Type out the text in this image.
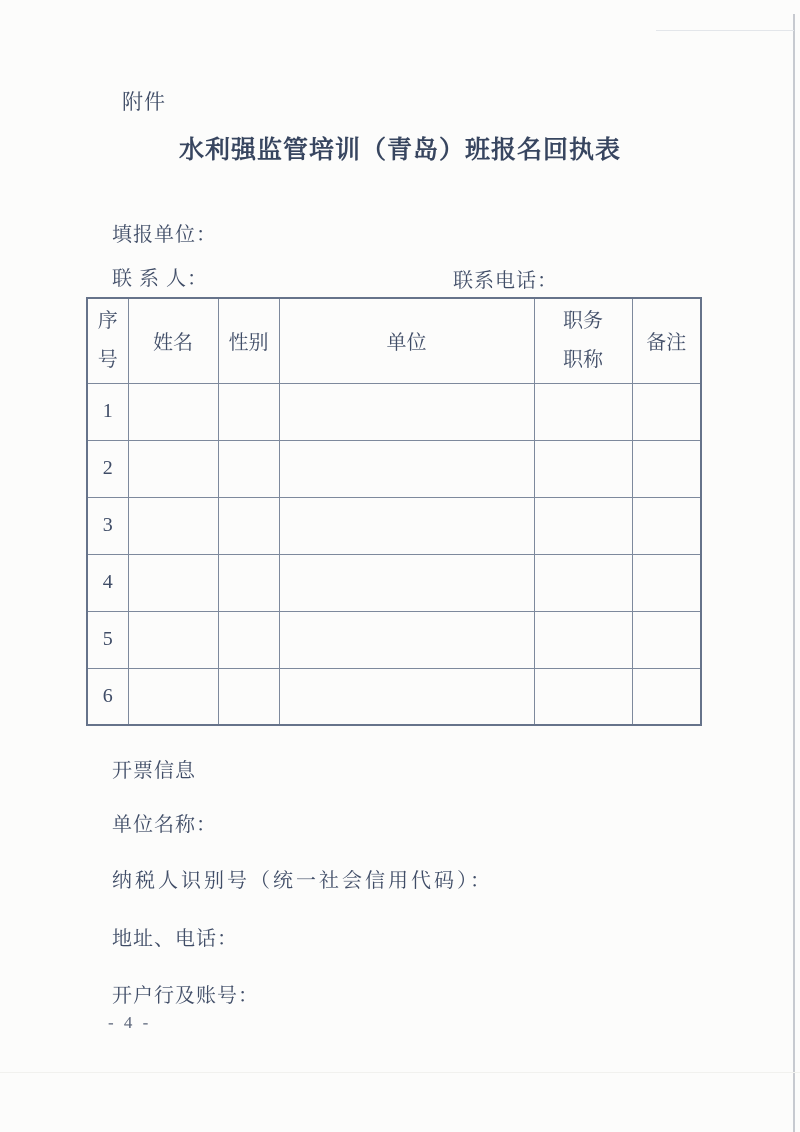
附件
水利强监管培训（青岛）班报名回执表
填报单位：
联 系 人：	联系电话：
序号	姓名	性别	单位	职务职称	备注
1					
2					
3					
4					
5					
6					
开票信息
单位名称：
纳税人识别号（统一社会信用代码）：
地址、电话：
开户行及账号：
- 4 -
